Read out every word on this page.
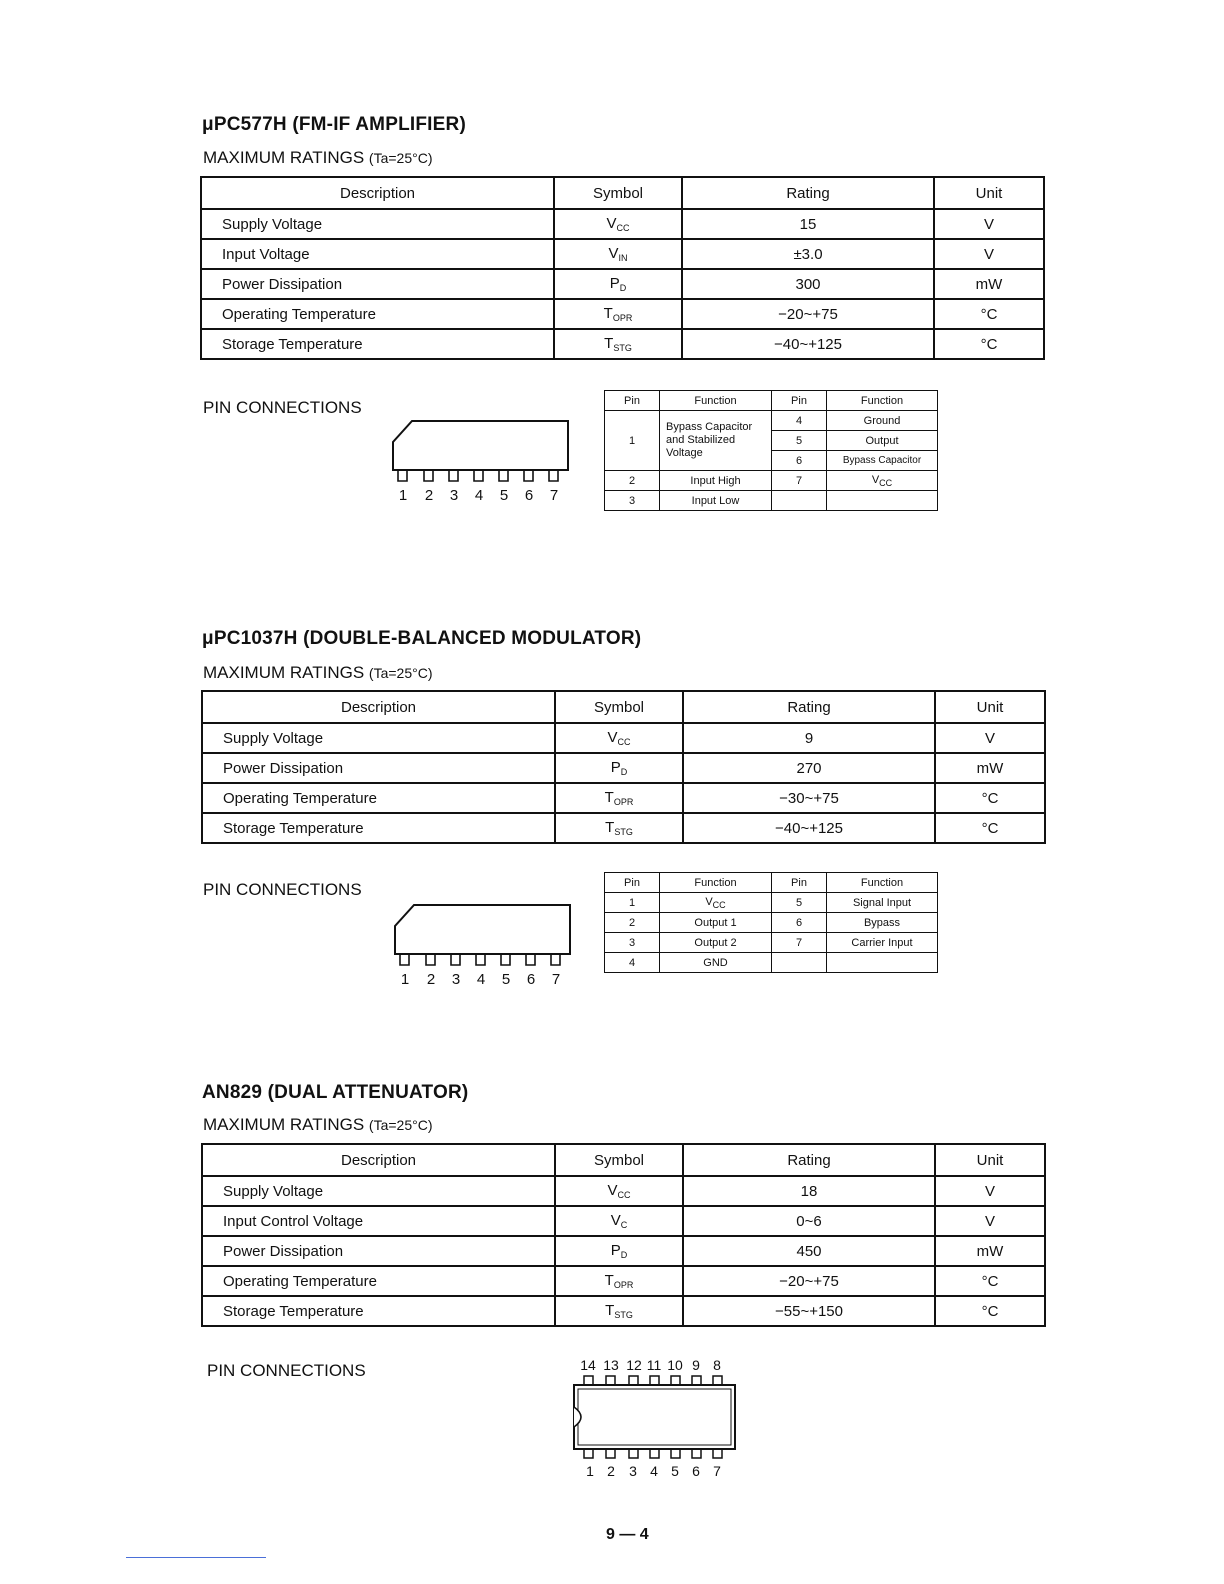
μPC577H (FM-IF AMPLIFIER)
MAXIMUM RATINGS (Ta=25°C)
Description	Symbol	Rating	Unit
Supply Voltage	$V_{CC}$	15	V
Input Voltage	$V_{IN}$	±3.0	V
Power Dissipation	$P_D$	300	mW
Operating Temperature	$T_{OPR}$	−20~+75	°C
Storage Temperature	$T_{STG}$	−40~+125	°C
PIN CONNECTIONS
1 2 3 4 5 6 7
Pin	Function	Pin	Function
1	Bypass Capacitor and Stabilized Voltage	4	Ground
		5	Output
		6	Bypass Capacitor
2	Input High	7	$V_{CC}$
3	Input Low		
μPC1037H (DOUBLE-BALANCED MODULATOR)
MAXIMUM RATINGS (Ta=25°C)
Description	Symbol	Rating	Unit
Supply Voltage	$V_{CC}$	9	V
Power Dissipation	$P_D$	270	mW
Operating Temperature	$T_{OPR}$	−30~+75	°C
Storage Temperature	$T_{STG}$	−40~+125	°C
PIN CONNECTIONS
1 2 3 4 5 6 7
Pin	Function	Pin	Function
1	$V_{CC}$	5	Signal Input
2	Output 1	6	Bypass
3	Output 2	7	Carrier Input
4	GND		
AN829 (DUAL ATTENUATOR)
MAXIMUM RATINGS (Ta=25°C)
Description	Symbol	Rating	Unit
Supply Voltage	$V_{CC}$	18	V
Input Control Voltage	$V_C$	0~6	V
Power Dissipation	$P_D$	450	mW
Operating Temperature	$T_{OPR}$	−20~+75	°C
Storage Temperature	$T_{STG}$	−55~+150	°C
PIN CONNECTIONS	14 13 12 11 10 9 8
1 2 3 4 5 6 7
9 — 4
